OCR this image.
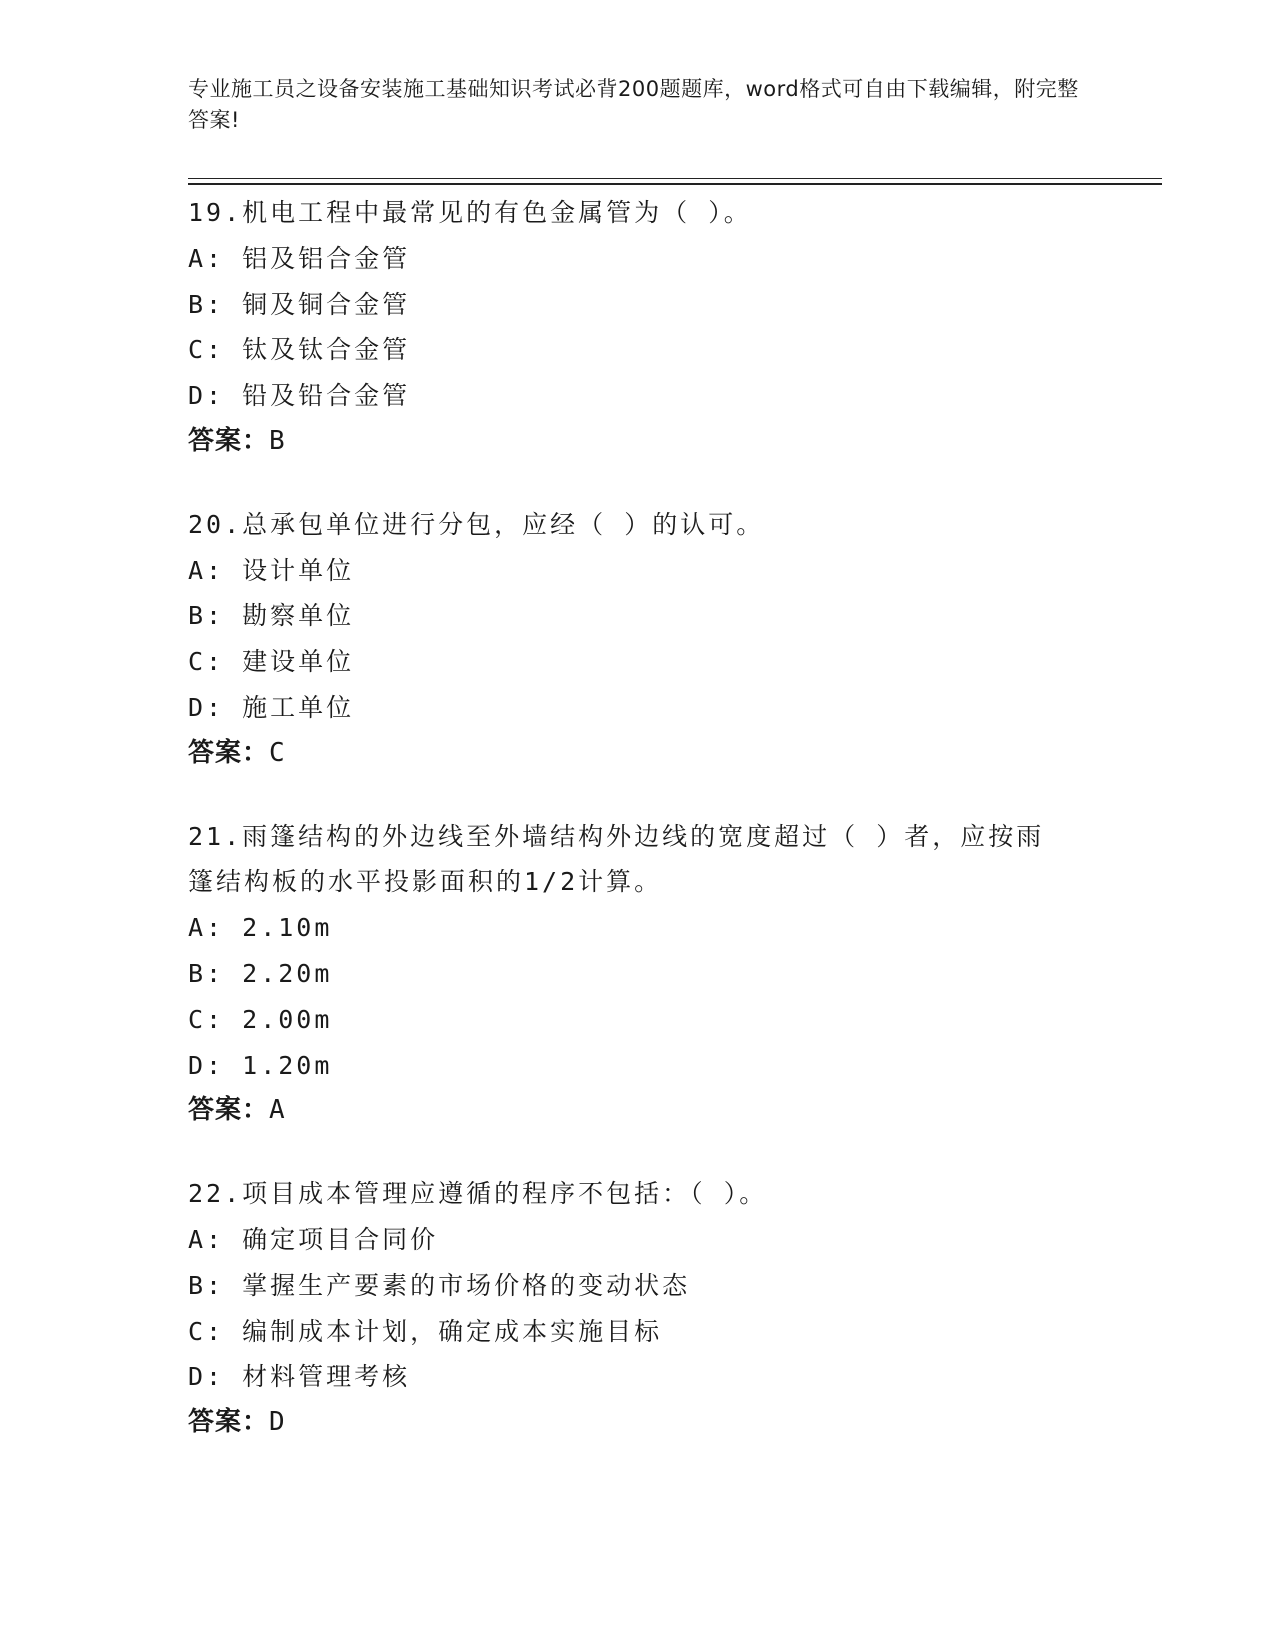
专业施工员之设备安装施工基础知识考试必背200题题库，word格式可自由下载编辑，附完整答案!
19.机电工程中最常见的有色金属管为（ ）。
A: 铝及铝合金管
B: 铜及铜合金管
C: 钛及钛合金管
D: 铅及铅合金管
答案：B
20.总承包单位进行分包，应经（ ）的认可。
A: 设计单位
B: 勘察单位
C: 建设单位
D: 施工单位
答案：C
21.雨篷结构的外边线至外墙结构外边线的宽度超过（ ）者，应按雨
篷结构板的水平投影面积的1/2计算。
A: 2.10m
B: 2.20m
C: 2.00m
D: 1.20m
答案：A
22.项目成本管理应遵循的程序不包括：（ ）。
A: 确定项目合同价
B: 掌握生产要素的市场价格的变动状态
C: 编制成本计划，确定成本实施目标
D: 材料管理考核
答案：D
